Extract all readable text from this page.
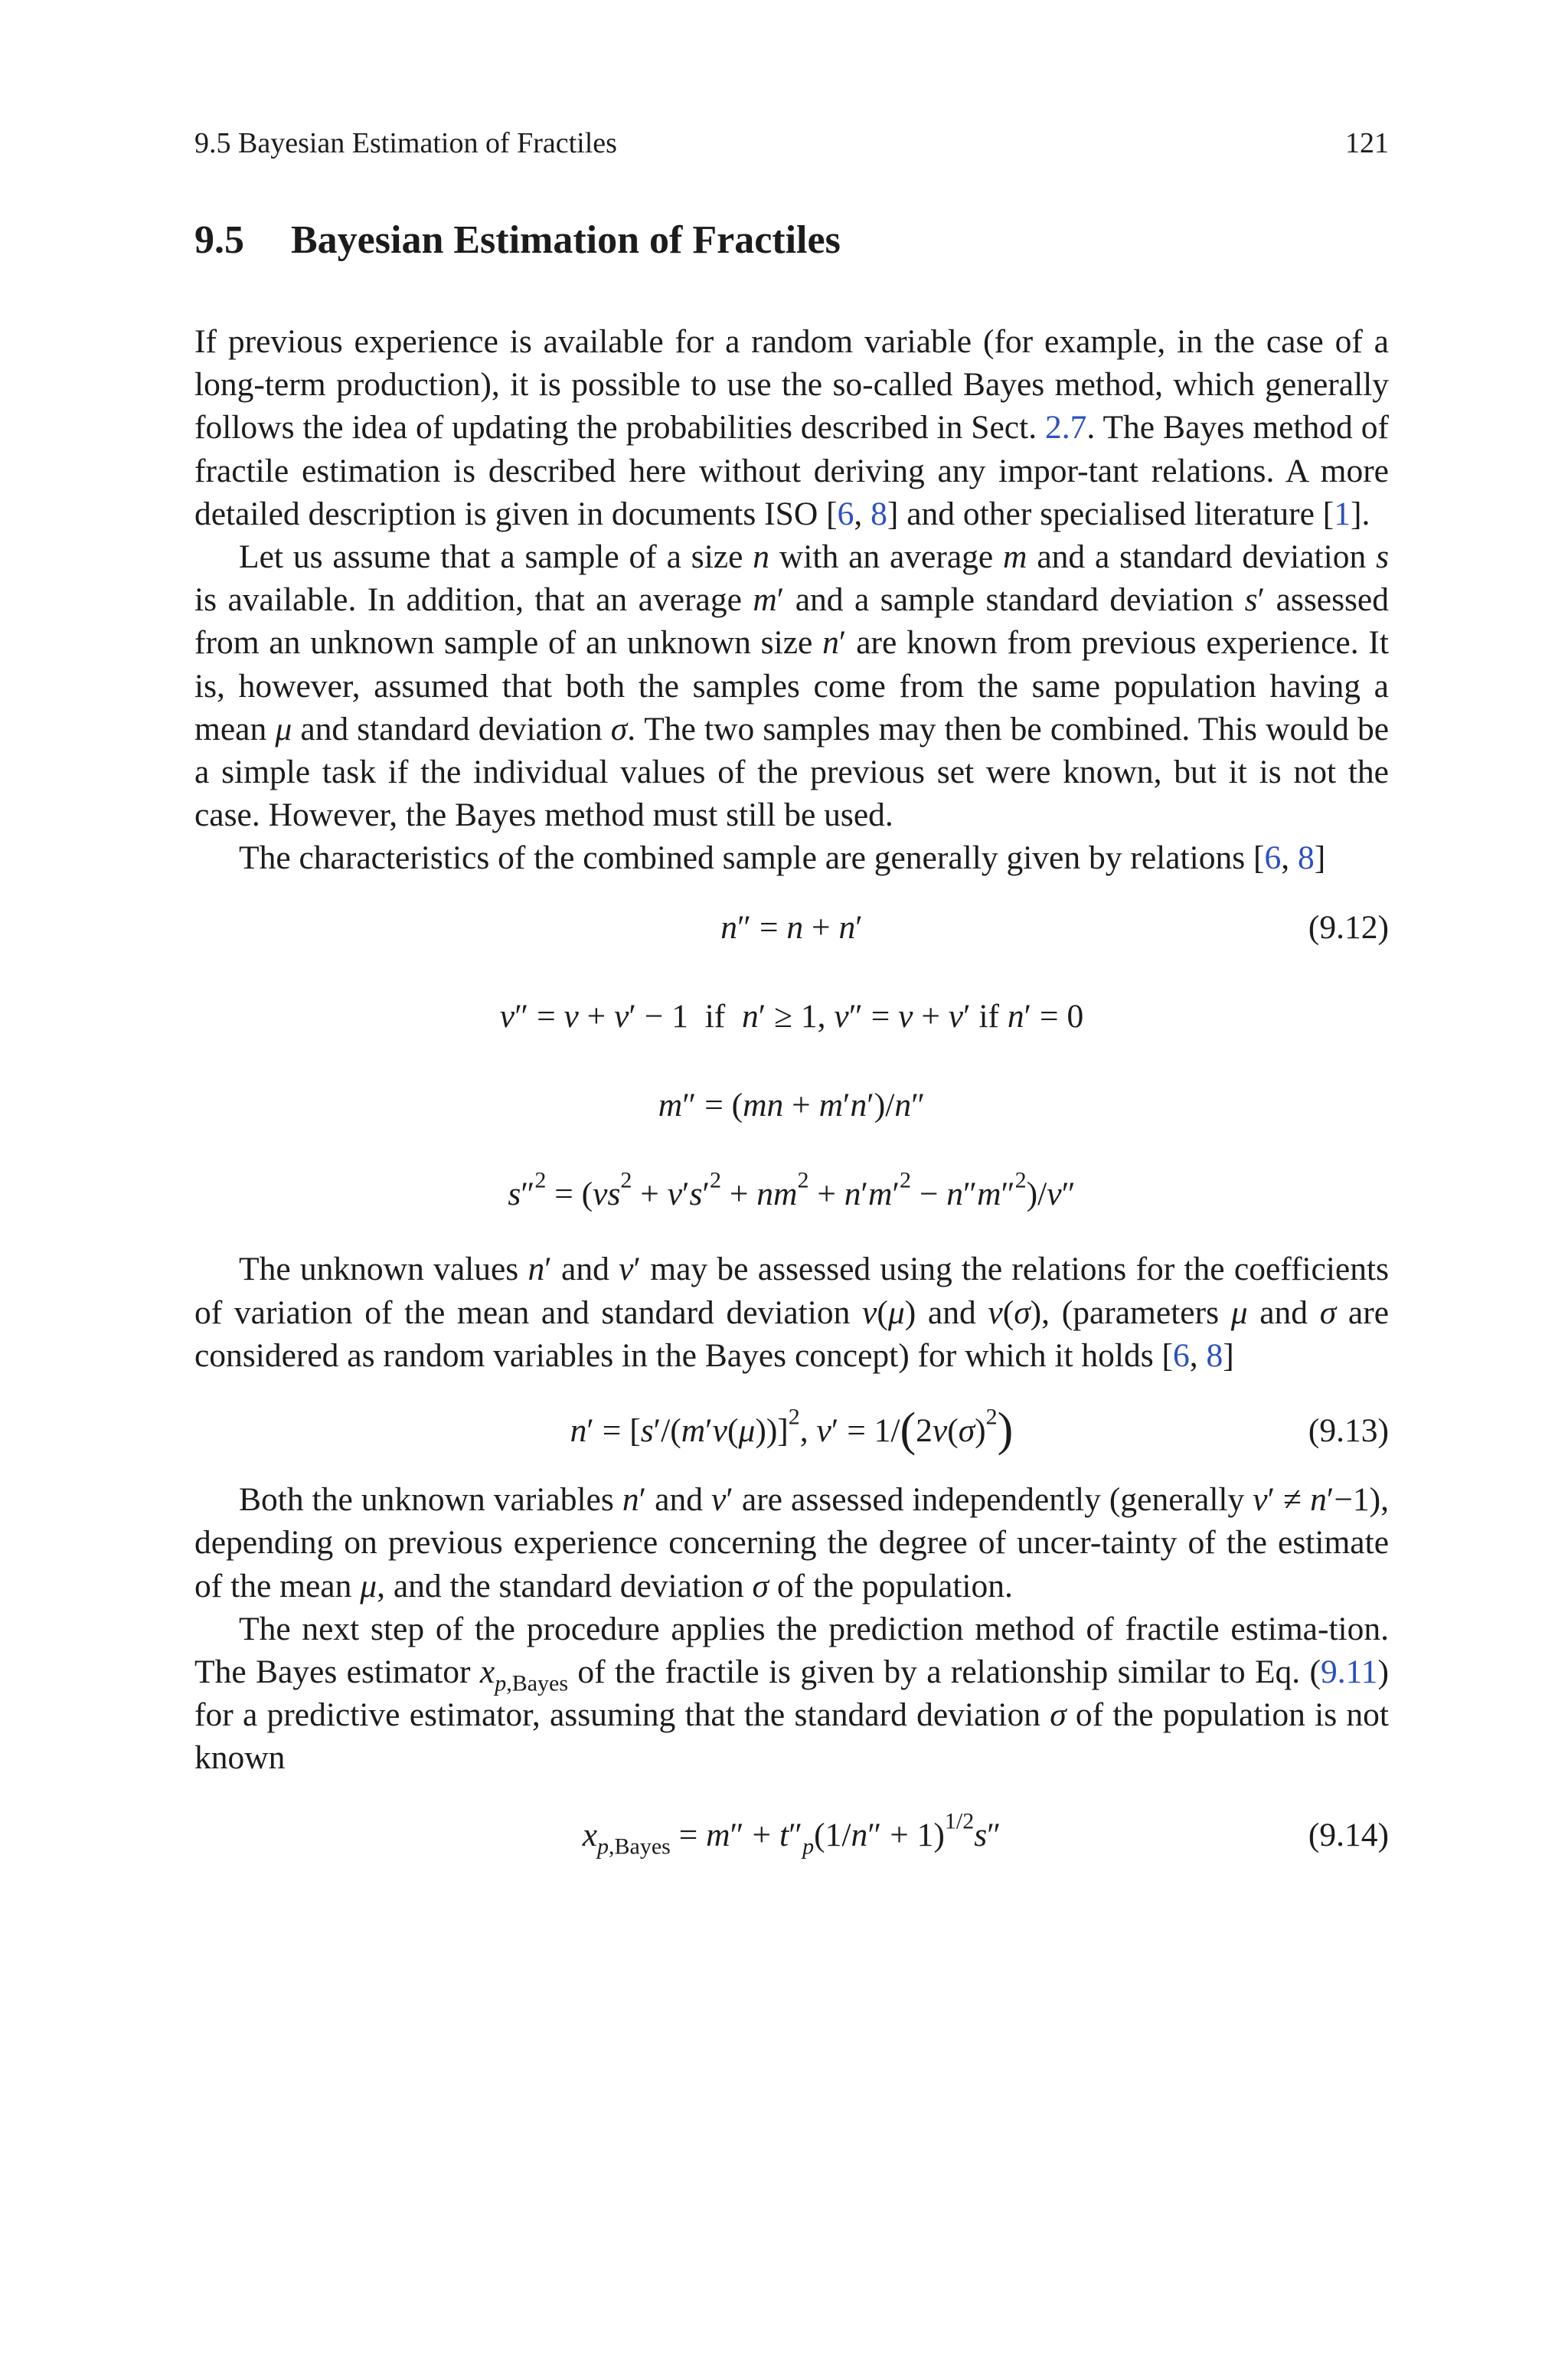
9.5 Bayesian Estimation of Fractiles	121
9.5 Bayesian Estimation of Fractiles

If previous experience is available for a random variable (for example, in the case of a long-term production), it is possible to use the so-called Bayes method, which generally follows the idea of updating the probabilities described in Sect. 2.7. The Bayes method of fractile estimation is described here without deriving any impor-tant relations. A more detailed description is given in documents ISO [6, 8] and other specialised literature [1].

Let us assume that a sample of a size n with an average m and a standard deviation s is available. In addition, that an average m′ and a sample standard deviation s′ assessed from an unknown sample of an unknown size n′ are known from previous experience. It is, however, assumed that both the samples come from the same population having a mean μ and standard deviation σ. The two samples may then be combined. This would be a simple task if the individual values of the previous set were known, but it is not the case. However, the Bayes method must still be used.

The characteristics of the combined sample are generally given by relations [6, 8]

n″ = n + n′	(9.12)
ν″ = ν + ν′ − 1  if  n′ ≥ 1, ν″ = ν + ν′ if n′ = 0
m″ = (mn + m′n′)/n″
$s''^2 = (\nu s^2 + \nu's'^2 + nm^2 + n'm'^2 - n''m''^2)/\nu''$

The unknown values n′ and ν′ may be assessed using the relations for the coefficients of variation of the mean and standard deviation v(μ) and v(σ), (parameters μ and σ are considered as random variables in the Bayes concept) for which it holds [6, 8]

$n' = [s'/(m'v(\mu))]^2$, $\nu' = 1/(2v(\sigma)^2)$	(9.13)

Both the unknown variables n′ and ν′ are assessed independently (generally ν′ ≠ n′−1), depending on previous experience concerning the degree of uncer-tainty of the estimate of the mean μ, and the standard deviation σ of the population.

The next step of the procedure applies the prediction method of fractile estima-tion. The Bayes estimator $x_{p,Bayes}$ of the fractile is given by a relationship similar to Eq. (9.11) for a predictive estimator, assuming that the standard deviation σ of the population is not known

$x_{p,Bayes} = m'' + t''_p(1/n'' + 1)^{1/2}s''$	(9.14)
